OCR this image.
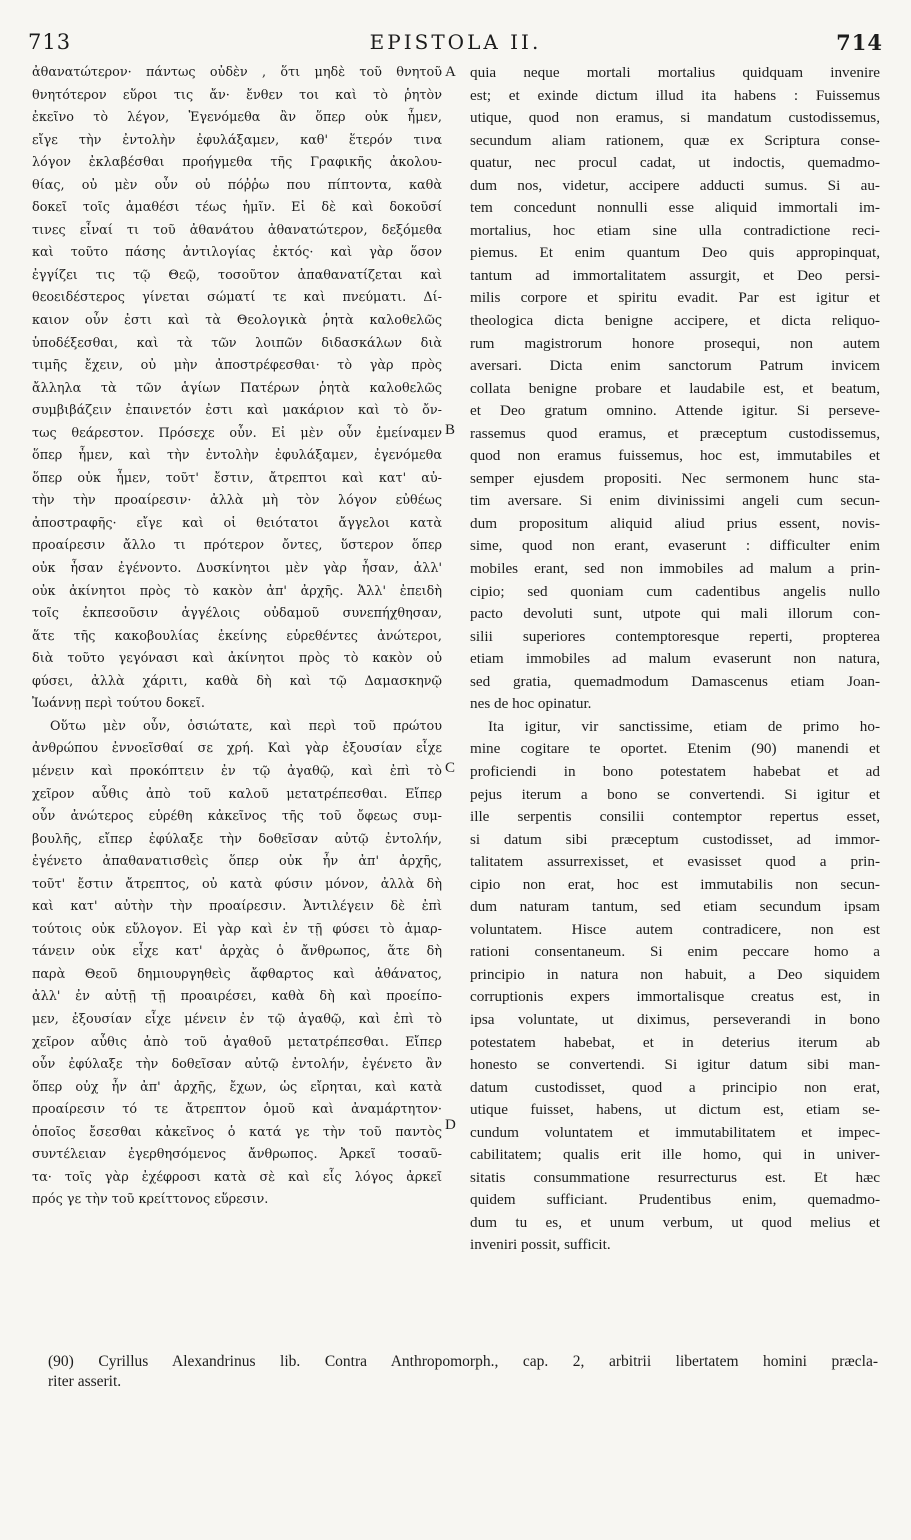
713	EPISTOLA II.	714
ἀθανατώτερον· πάντως οὐδὲν , ὅτι μηδὲ τοῦ θνητοῦ
θνητότερον εὕροι τις ἄν· ἔνθεν τοι καὶ τὸ ῥητὸν
ἐκεῖνο τὸ λέγον, Ἐγενόμεθα ἂν ὅπερ οὐκ ἦμεν,
εἴγε τὴν ἐντολὴν ἐφυλάξαμεν, καθ' ἕτερόν τινα
λόγον ἐκλαβέσθαι προήγμεθα τῆς Γραφικῆς ἀκολου-
θίας, οὐ μὲν οὖν οὐ πόῤῥω που πίπτοντα, καθὰ
δοκεῖ τοῖς ἀμαθέσι τέως ἡμῖν. Εἰ δὲ καὶ δοκοῦσί
τινες εἶναί τι τοῦ ἀθανάτου ἀθανατώτερον, δεξόμεθα
καὶ τοῦτο πάσης ἀντιλογίας ἐκτός· καὶ γὰρ ὅσον
ἐγγίζει τις τῷ Θεῷ, τοσοῦτον ἀπαθανατίζεται καὶ
θεοειδέστερος γίνεται σώματί τε καὶ πνεύματι. Δί-
καιον οὖν ἐστι καὶ τὰ Θεολογικὰ ῥητὰ καλοθελῶς
ὑποδέξεσθαι, καὶ τὰ τῶν λοιπῶν διδασκάλων διὰ
τιμῆς ἔχειν, οὐ μὴν ἀποστρέφεσθαι· τὸ γὰρ πρὸς
ἄλληλα τὰ τῶν ἁγίων Πατέρων ῥητὰ καλοθελῶς
συμβιβάζειν ἐπαινετόν ἐστι καὶ μακάριον καὶ τὸ ὄν-
τως θεάρεστον. Πρόσεχε οὖν. Εἰ μὲν οὖν ἐμείναμεν
ὅπερ ἦμεν, καὶ τὴν ἐντολὴν ἐφυλάξαμεν, ἐγενόμεθα
ὅπερ οὐκ ἦμεν, τοῦτ' ἔστιν, ἄτρεπτοι καὶ κατ' αὐ-
τὴν τὴν προαίρεσιν· ἀλλὰ μὴ τὸν λόγον εὐθέως
ἀποστραφῆς· εἴγε καὶ οἱ θειότατοι ἄγγελοι κατὰ
προαίρεσιν ἄλλο τι πρότερον ὄντες, ὕστερον ὅπερ
οὐκ ἦσαν ἐγένοντο. Δυσκίνητοι μὲν γὰρ ἦσαν, ἀλλ'
οὐκ ἀκίνητοι πρὸς τὸ κακὸν ἀπ' ἀρχῆς. Ἀλλ' ἐπειδὴ
τοῖς ἐκπεσοῦσιν ἀγγέλοις οὐδαμοῦ συνεπήχθησαν,
ἅτε τῆς κακοβουλίας ἐκείνης εὑρεθέντες ἀνώτεροι,
διὰ τοῦτο γεγόνασι καὶ ἀκίνητοι πρὸς τὸ κακὸν οὐ
φύσει, ἀλλὰ χάριτι, καθὰ δὴ καὶ τῷ Δαμασκηνῷ
Ἰωάννῃ περὶ τούτου δοκεῖ.
Οὕτω μὲν οὖν, ὁσιώτατε, καὶ περὶ τοῦ πρώτου
ἀνθρώπου ἐννοεῖσθαί σε χρή. Καὶ γὰρ ἐξουσίαν εἶχε
μένειν καὶ προκόπτειν ἐν τῷ ἀγαθῷ, καὶ ἐπὶ τὸ
χεῖρον αὖθις ἀπὸ τοῦ καλοῦ μετατρέπεσθαι. Εἴπερ
οὖν ἀνώτερος εὑρέθη κἀκεῖνος τῆς τοῦ ὄφεως συμ-
βουλῆς, εἴπερ ἐφύλαξε τὴν δοθεῖσαν αὐτῷ ἐντολήν,
ἐγένετο ἀπαθανατισθεὶς ὅπερ οὐκ ἦν ἀπ' ἀρχῆς,
τοῦτ' ἔστιν ἄτρεπτος, οὐ κατὰ φύσιν μόνον, ἀλλὰ δὴ
καὶ κατ' αὐτὴν τὴν προαίρεσιν. Ἀντιλέγειν δὲ ἐπὶ
τούτοις οὐκ εὔλογον. Εἰ γὰρ καὶ ἐν τῇ φύσει τὸ ἁμαρ-
τάνειν οὐκ εἶχε κατ' ἀρχὰς ὁ ἄνθρωπος, ἅτε δὴ
παρὰ Θεοῦ δημιουργηθεὶς ἄφθαρτος καὶ ἀθάνατος,
ἀλλ' ἐν αὐτῇ τῇ προαιρέσει, καθὰ δὴ καὶ προείπο-
μεν, ἐξουσίαν εἶχε μένειν ἐν τῷ ἀγαθῷ, καὶ ἐπὶ τὸ
χεῖρον αὖθις ἀπὸ τοῦ ἀγαθοῦ μετατρέπεσθαι. Εἴπερ
οὖν ἐφύλαξε τὴν δοθεῖσαν αὐτῷ ἐντολήν, ἐγένετο ἂν
ὅπερ οὐχ ἦν ἀπ' ἀρχῆς, ἔχων, ὡς εἴρηται, καὶ κατὰ
προαίρεσιν τό τε ἄτρεπτον ὁμοῦ καὶ ἀναμάρτητον·
ὁποῖος ἔσεσθαι κἀκεῖνος ὁ κατά γε τὴν τοῦ παντὸς
συντέλειαν ἐγερθησόμενος ἄνθρωπος. Ἀρκεῖ τοσαῦ-
τα· τοῖς γὰρ ἐχέφροσι κατὰ σὲ καὶ εἷς λόγος ἀρκεῖ
πρός γε τὴν τοῦ κρείττονος εὕρεσιν.
quia neque mortali mortalius quidquam invenire
est; et exinde dictum illud ita habens : Fuissemus
utique, quod non eramus, si mandatum custodissemus,
secundum aliam rationem, quæ ex Scriptura conse-
quatur, nec procul cadat, ut indoctis, quemadmo-
dum nos, videtur, accipere adducti sumus. Si au-
tem concedunt nonnulli esse aliquid immortali im-
mortalius, hoc etiam sine ulla contradictione reci-
piemus. Et enim quantum Deo quis appropinquat,
tantum ad immortalitatem assurgit, et Deo persi-
milis corpore et spiritu evadit. Par est igitur et
theologica dicta benigne accipere, et dicta reliquo-
rum magistrorum honore prosequi, non autem
aversari. Dicta enim sanctorum Patrum invicem
collata benigne probare et laudabile est, et beatum,
et Deo gratum omnino. Attende igitur. Si perseve-
rassemus quod eramus, et præceptum custodissemus,
quod non eramus fuissemus, hoc est, immutabiles et
semper ejusdem propositi. Nec sermonem hunc sta-
tim aversare. Si enim divinissimi angeli cum secun-
dum propositum aliquid aliud prius essent, novis-
sime, quod non erant, evaserunt : difficulter enim
mobiles erant, sed non immobiles ad malum a prin-
cipio; sed quoniam cum cadentibus angelis nullo
pacto devoluti sunt, utpote qui mali illorum con-
silii superiores contemptoresque reperti, propterea
etiam immobiles ad malum evaserunt non natura,
sed gratia, quemadmodum Damascenus etiam Joan-
nes de hoc opinatur.
Ita igitur, vir sanctissime, etiam de primo ho-
mine cogitare te oportet. Etenim (90) manendi et
proficiendi in bono potestatem habebat et ad
pejus iterum a bono se convertendi. Si igitur et
ille serpentis consilii contemptor repertus esset,
si datum sibi præceptum custodisset, ad immor-
talitatem assurrexisset, et evasisset quod a prin-
cipio non erat, hoc est immutabilis non secun-
dum naturam tantum, sed etiam secundum ipsam
voluntatem. Hisce autem contradicere, non est
rationi consentaneum. Si enim peccare homo a
principio in natura non habuit, a Deo siquidem
corruptionis expers immortalisque creatus est, in
ipsa voluntate, ut diximus, perseverandi in bono
potestatem habebat, et in deterius iterum ab
honesto se convertendi. Si igitur datum sibi man-
datum custodisset, quod a principio non erat,
utique fuisset, habens, ut dictum est, etiam se-
cundum voluntatem et immutabilitatem et impec-
cabilitatem; qualis erit ille homo, qui in univer-
sitatis consummatione resurrecturus est. Et hæc
quidem sufficiant. Prudentibus enim, quemadmo-
dum tu es, et unum verbum, ut quod melius et
inveniri possit, sufficit.
A
B
C
D
(90) Cyrillus Alexandrinus lib. Contra Anthropomorph., cap. 2, arbitrii libertatem homini præcla-
riter asserit.
